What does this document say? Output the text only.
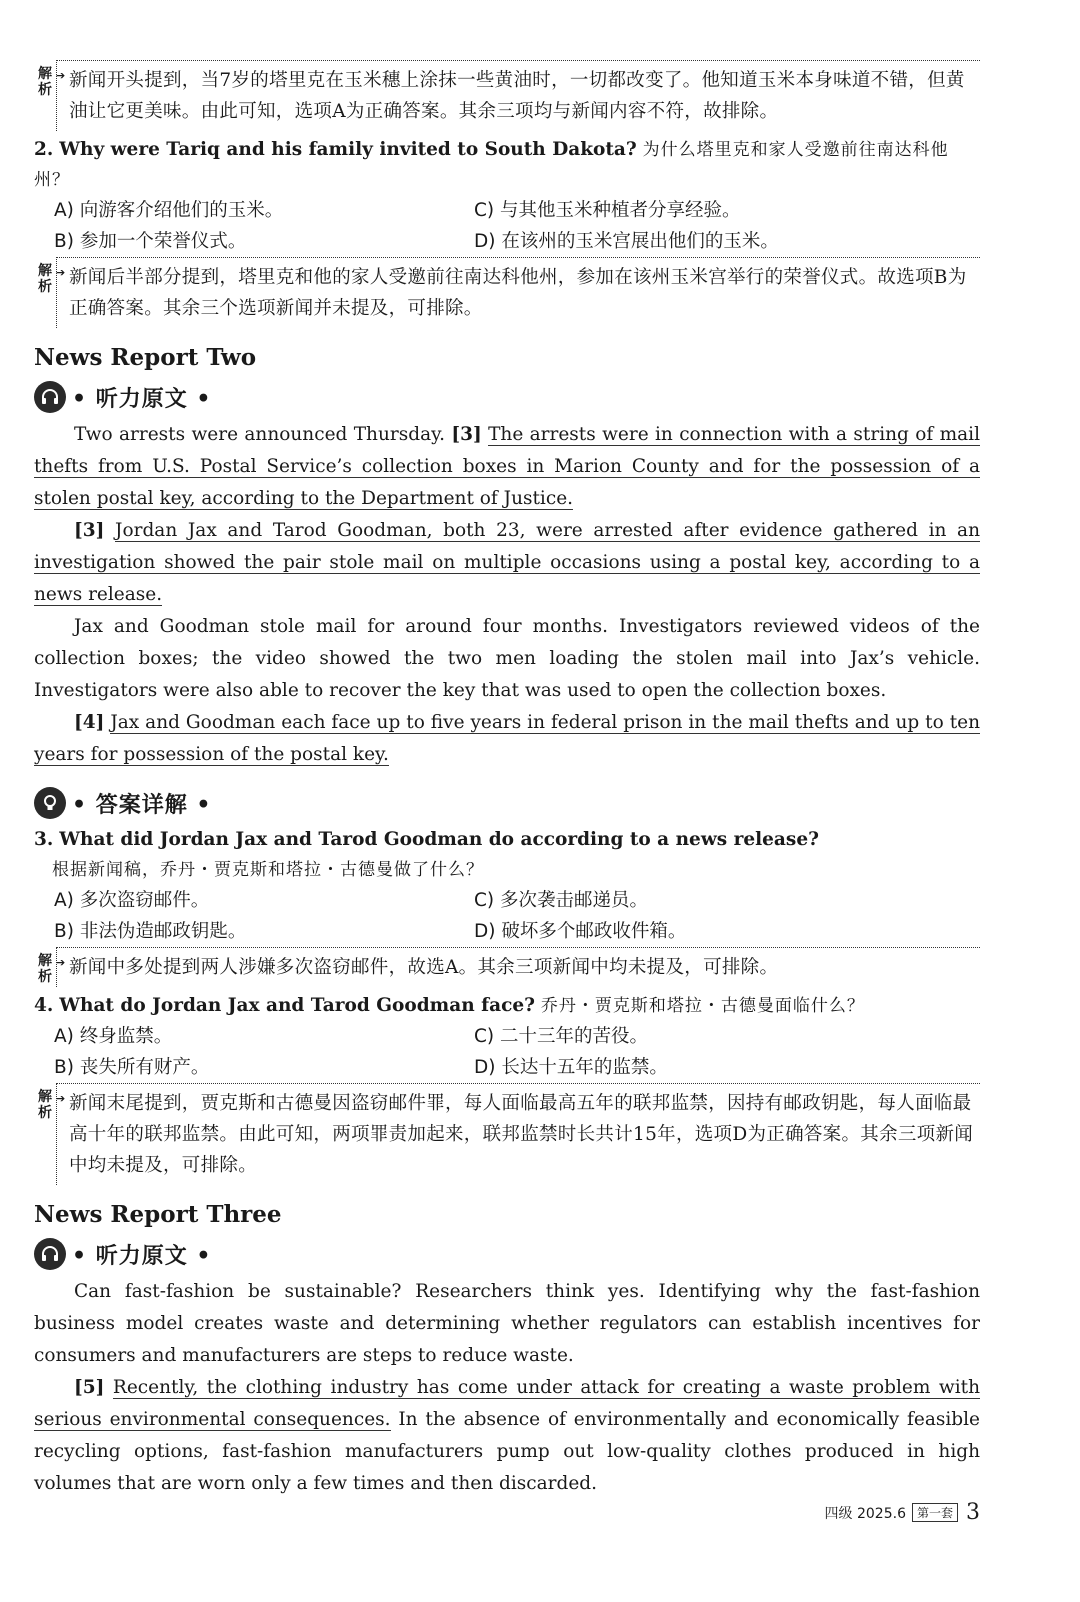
解
析
➔ 新闻开头提到，当7岁的塔里克在玉米穗上涂抹一些黄油时，一切都改变了。他知道玉米本身味道不错，但黄油让它更美味。由此可知，选项A为正确答案。其余三项均与新闻内容不符，故排除。

2. Why were Tariq and his family invited to South Dakota? 为什么塔里克和家人受邀前往南达科他州？

A) 向游客介绍他们的玉米。	C) 与其他玉米种植者分享经验。
B) 参加一个荣誉仪式。	D) 在该州的玉米宫展出他们的玉米。
解
析
➔ 新闻后半部分提到，塔里克和他的家人受邀前往南达科他州，参加在该州玉米宫举行的荣誉仪式。故选项B为正确答案。其余三个选项新闻并未提及，可排除。
News Report Two
• 听力原文 •

Two arrests were announced Thursday. [3] The arrests were in connection with a string of mail thefts from U.S. Postal Service’s collection boxes in Marion County and for the possession of a stolen postal key, according to the Department of Justice.

[3] Jordan Jax and Tarod Goodman, both 23, were arrested after evidence gathered in an investigation showed the pair stole mail on multiple occasions using a postal key, according to a news release.

Jax and Goodman stole mail for around four months. Investigators reviewed videos of the collection boxes; the video showed the two men loading the stolen mail into Jax’s vehicle. Investigators were also able to recover the key that was used to open the collection boxes.

[4] Jax and Goodman each face up to five years in federal prison in the mail thefts and up to ten years for possession of the postal key.

• 答案详解 •

3. What did Jordan Jax and Tarod Goodman do according to a news release?
根据新闻稿，乔丹・贾克斯和塔拉・古德曼做了什么？

A) 多次盗窃邮件。	C) 多次袭击邮递员。
B) 非法伪造邮政钥匙。	D) 破坏多个邮政收件箱。
解
析
➔ 新闻中多处提到两人涉嫌多次盗窃邮件，故选A。其余三项新闻中均未提及，可排除。

4. What do Jordan Jax and Tarod Goodman face? 乔丹・贾克斯和塔拉・古德曼面临什么？

A) 终身监禁。	C) 二十三年的苦役。
B) 丧失所有财产。	D) 长达十五年的监禁。
解
析
➔ 新闻末尾提到，贾克斯和古德曼因盗窃邮件罪，每人面临最高五年的联邦监禁，因持有邮政钥匙，每人面临最高十年的联邦监禁。由此可知，两项罪责加起来，联邦监禁时长共计15年，选项D为正确答案。其余三项新闻中均未提及，可排除。
News Report Three
• 听力原文 •

Can fast-fashion be sustainable? Researchers think yes. Identifying why the fast-fashion business model creates waste and determining whether regulators can establish incentives for consumers and manufacturers are steps to reduce waste.

[5] Recently, the clothing industry has come under attack for creating a waste problem with serious environmental consequences. In the absence of environmentally and economically feasible recycling options, fast-fashion manufacturers pump out low-quality clothes produced in high volumes that are worn only a few times and then discarded.

四级 2025.6 第一套 3
